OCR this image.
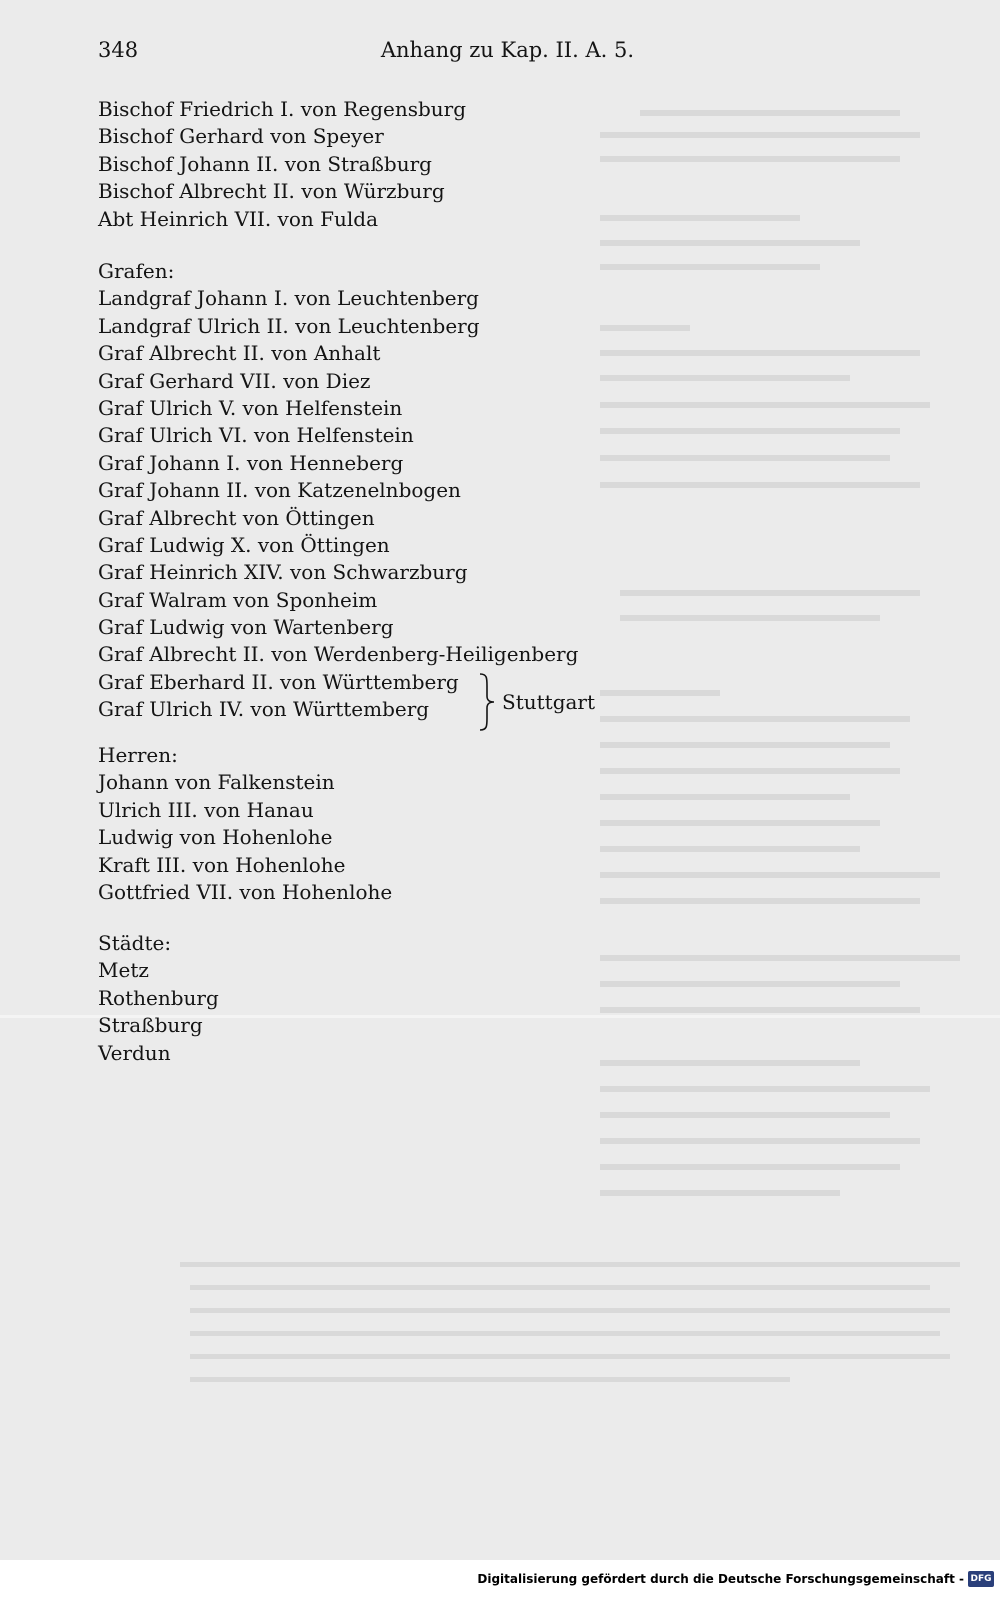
348	Anhang zu Kap. II. A. 5.
Bischof Friedrich I. von Regensburg
Bischof Gerhard von Speyer
Bischof Johann II. von Straßburg
Bischof Albrecht II. von Würzburg
Abt Heinrich VII. von Fulda
Grafen:
Landgraf Johann I. von Leuchtenberg
Landgraf Ulrich II. von Leuchtenberg
Graf Albrecht II. von Anhalt
Graf Gerhard VII. von Diez
Graf Ulrich V. von Helfenstein
Graf Ulrich VI. von Helfenstein
Graf Johann I. von Henneberg
Graf Johann II. von Katzenelnbogen
Graf Albrecht von Öttingen
Graf Ludwig X. von Öttingen
Graf Heinrich XIV. von Schwarzburg
Graf Walram von Sponheim
Graf Ludwig von Wartenberg
Graf Albrecht II. von Werdenberg-Heiligenberg
Graf Eberhard II. von Württemberg
Graf Ulrich IV. von Württemberg	Stuttgart
Herren:
Johann von Falkenstein
Ulrich III. von Hanau
Ludwig von Hohenlohe
Kraft III. von Hohenlohe
Gottfried VII. von Hohenlohe
Städte:
Metz
Rothenburg
Straßburg
Verdun
Digitalisierung gefördert durch die Deutsche Forschungsgemeinschaft - DFG
